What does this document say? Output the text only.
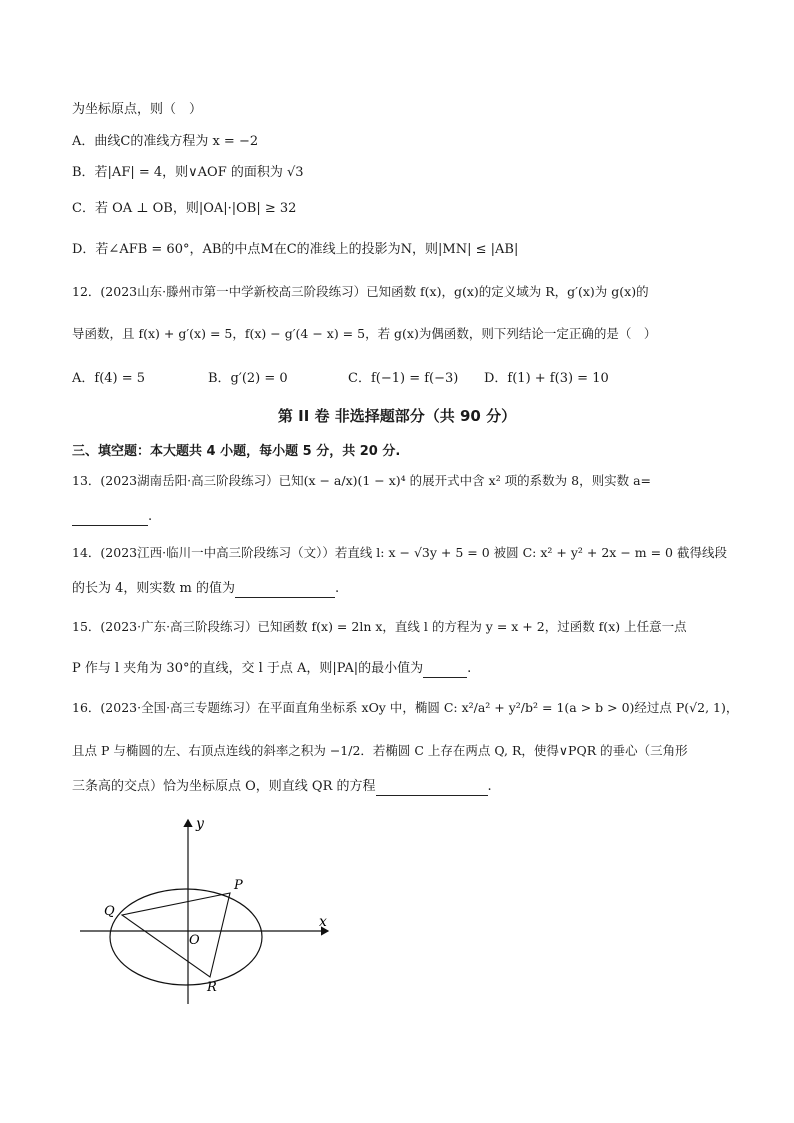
为坐标原点，则（　）
A．曲线C的准线方程为 x = −2
B．若|AF| = 4，则∨AOF 的面积为 √3
C．若 OA ⊥ OB，则|OA|·|OB| ≥ 32
D．若∠AFB = 60°，AB的中点M在C的准线上的投影为N，则|MN| ≤ |AB|
12．(2023山东·滕州市第一中学新校高三阶段练习）已知函数 f(x)，g(x)的定义域为 R，g′(x)为 g(x)的
导函数，且 f(x) + g′(x) = 5，f(x) − g′(4 − x) = 5，若 g(x)为偶函数，则下列结论一定正确的是（　）
A．f(4) = 5	B．g′(2) = 0	C．f(−1) = f(−3) D．f(1) + f(3) = 10
第 II 卷 非选择题部分（共 90 分）
三、填空题：本大题共 4 小题，每小题 5 分，共 20 分.
13．(2023湖南岳阳·高三阶段练习）已知(x − a/x)(1 − x)⁴ 的展开式中含 x² 项的系数为 8，则实数 a=
.
14．(2023江西·临川一中高三阶段练习（文））若直线 l: x − √3y + 5 = 0 被圆 C: x² + y² + 2x − m = 0 截得线段
的长为 4，则实数 m 的值为	.
15．(2023·广东·高三阶段练习）已知函数 f(x) = 2ln x，直线 l 的方程为 y = x + 2，过函数 f(x) 上任意一点
P 作与 l 夹角为 30°的直线，交 l 于点 A，则|PA|的最小值为	.
16．(2023·全国·高三专题练习）在平面直角坐标系 xOy 中，椭圆 C: x²/a² + y²/b² = 1(a > b > 0)经过点 P(√2, 1)，
且点 P 与椭圆的左、右顶点连线的斜率之积为 −1/2．若椭圆 C 上存在两点 Q, R，使得∨PQR 的垂心（三角形
三条高的交点）恰为坐标原点 O，则直线 QR 的方程	.
y
x
O
P
Q
R
